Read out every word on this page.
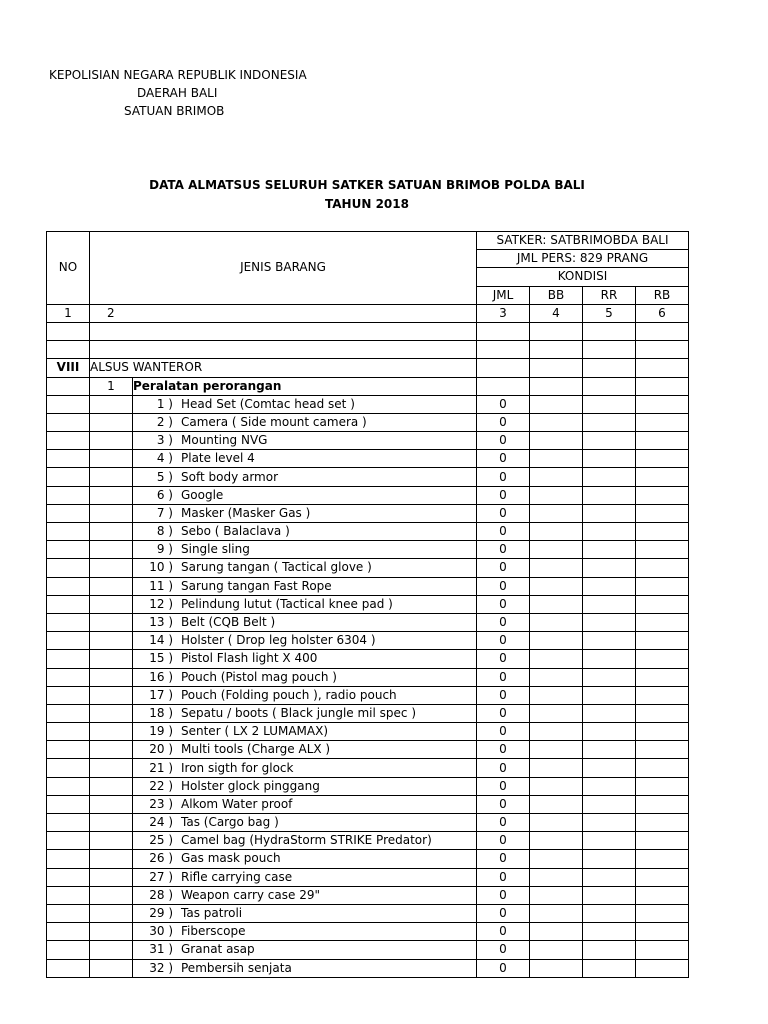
KEPOLISIAN NEGARA REPUBLIK INDONESIA
DAERAH BALI
SATUAN BRIMOB
DATA ALMATSUS SELURUH SATKER SATUAN BRIMOB POLDA BALI
TAHUN 2018
NO	JENIS BARANG		SATKER: SATBRIMOBDA BALI			
			JML PERS: 829 PRANG			
			KONDISI			
			JML	BB	RR	RB
1	2		3	4	5	6

VIII	ALSUS WANTEROR					
	1	Peralatan perorangan				
		1 ) Head Set (Comtac head set )	0			
		2 ) Camera ( Side mount camera )	0			
		3 ) Mounting NVG	0			
		4 ) Plate level 4	0			
		5 ) Soft body armor	0			
		6 ) Google	0			
		7 ) Masker (Masker Gas )	0			
		8 ) Sebo ( Balaclava )	0			
		9 ) Single sling	0			
		10 ) Sarung tangan ( Tactical glove )	0			
		11 ) Sarung tangan Fast Rope	0			
		12 ) Pelindung lutut (Tactical knee pad )	0			
		13 ) Belt (CQB Belt )	0			
		14 ) Holster ( Drop leg holster 6304 )	0			
		15 ) Pistol Flash light X 400	0			
		16 ) Pouch (Pistol mag pouch )	0			
		17 ) Pouch (Folding pouch ), radio pouch	0			
		18 ) Sepatu / boots ( Black jungle mil spec )	0			
		19 ) Senter ( LX 2 LUMAMAX)	0			
		20 ) Multi tools (Charge ALX )	0			
		21 ) Iron sigth for glock	0			
		22 ) Holster glock pinggang	0			
		23 ) Alkom Water proof	0			
		24 ) Tas (Cargo bag )	0			
		25 ) Camel bag (HydraStorm STRIKE Predator)	0			
		26 ) Gas mask pouch	0			
		27 ) Rifle carrying case	0			
		28 ) Weapon carry case 29"	0			
		29 ) Tas patroli	0			
		30 ) Fiberscope	0			
		31 ) Granat asap	0			
		32 ) Pembersih senjata	0			
